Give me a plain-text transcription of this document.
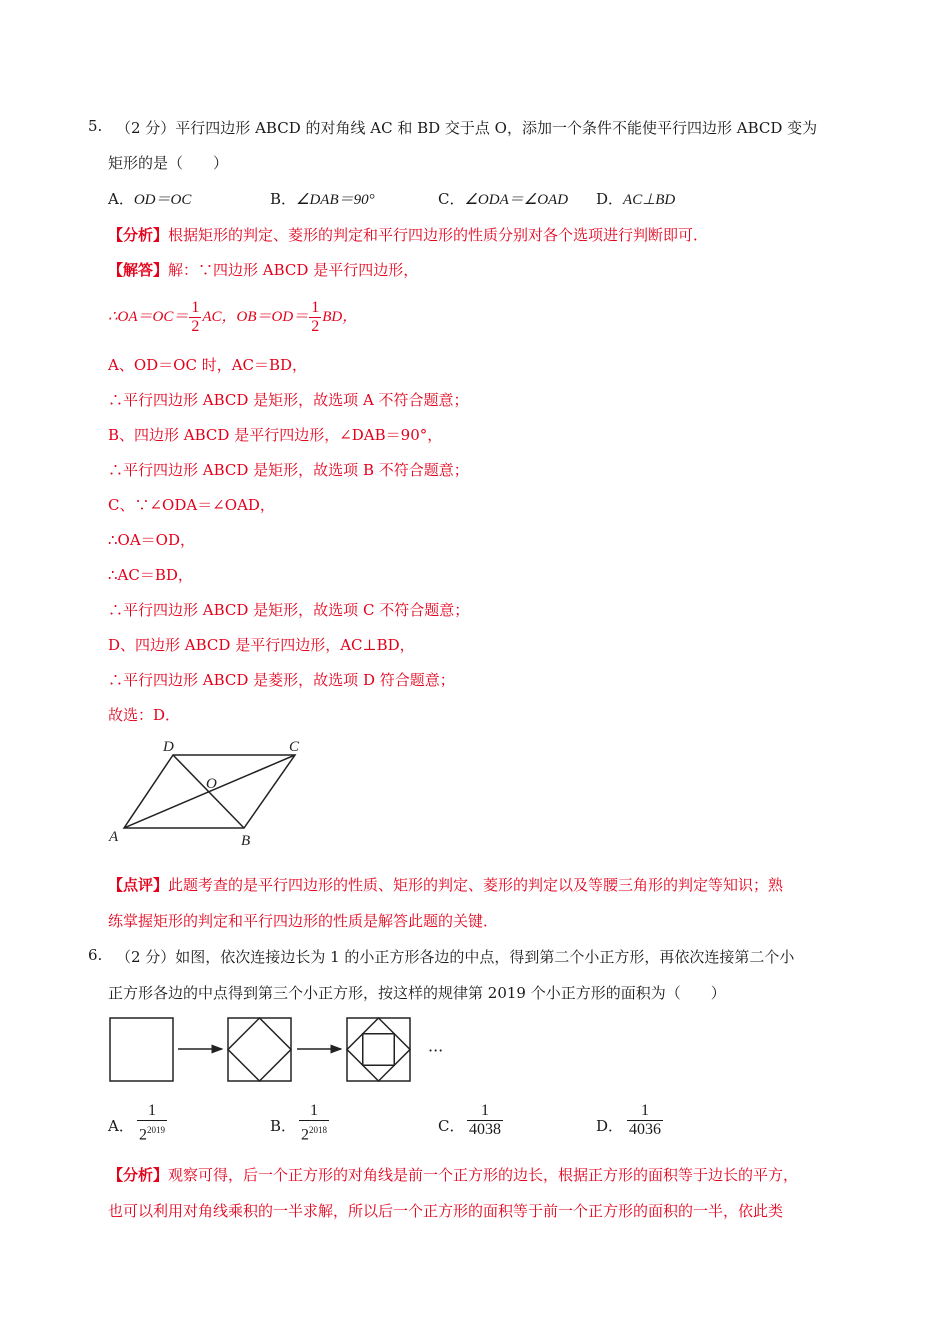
5. （2 分）平行四边形 ABCD 的对角线 AC 和 BD 交于点 O，添加一个条件不能使平行四边形 ABCD 变为
矩形的是（　　）
A．OD＝OC	B．∠DAB＝90°	C．∠ODA＝∠OAD D．AC⊥BD
【分析】根据矩形的判定、菱形的判定和平行四边形的性质分别对各个选项进行判断即可．
【解答】解：∵四边形 ABCD 是平行四边形，
∴OA＝OC＝ $\frac{1}{2}$ AC，$OB=OD= \frac{1}{2}$ BD，
A、OD＝OC 时，AC＝BD，
∴平行四边形 ABCD 是矩形，故选项 A 不符合题意；
B、四边形 ABCD 是平行四边形，∠DAB＝90°，
∴平行四边形 ABCD 是矩形，故选项 B 不符合题意；
C、∵∠ODA＝∠OAD，
∴OA＝OD，
∴AC＝BD，
∴平行四边形 ABCD 是矩形，故选项 C 不符合题意；
D、四边形 ABCD 是平行四边形，AC⊥BD，
∴平行四边形 ABCD 是菱形，故选项 D 符合题意；
故选：D．
D	C
O
A	B
【点评】此题考查的是平行四边形的性质、矩形的判定、菱形的判定以及等腰三角形的判定等知识；熟
练掌握矩形的判定和平行四边形的性质是解答此题的关键．
6. （2 分）如图，依次连接边长为 1 的小正方形各边的中点，得到第二个小正方形，再依次连接第二个小
正方形各边的中点得到第三个小正方形，按这样的规律第 2019 个小正方形的面积为（　　）
···
A． $\frac{1}{2^{2019}}$	B． $\frac{1}{2^{2018}}$	C． $\frac{1}{4038}$	D． $\frac{1}{4036}$
【分析】观察可得，后一个正方形的对角线是前一个正方形的边长，根据正方形的面积等于边长的平方，
也可以利用对角线乘积的一半求解，所以后一个正方形的面积等于前一个正方形的面积的一半，依此类
